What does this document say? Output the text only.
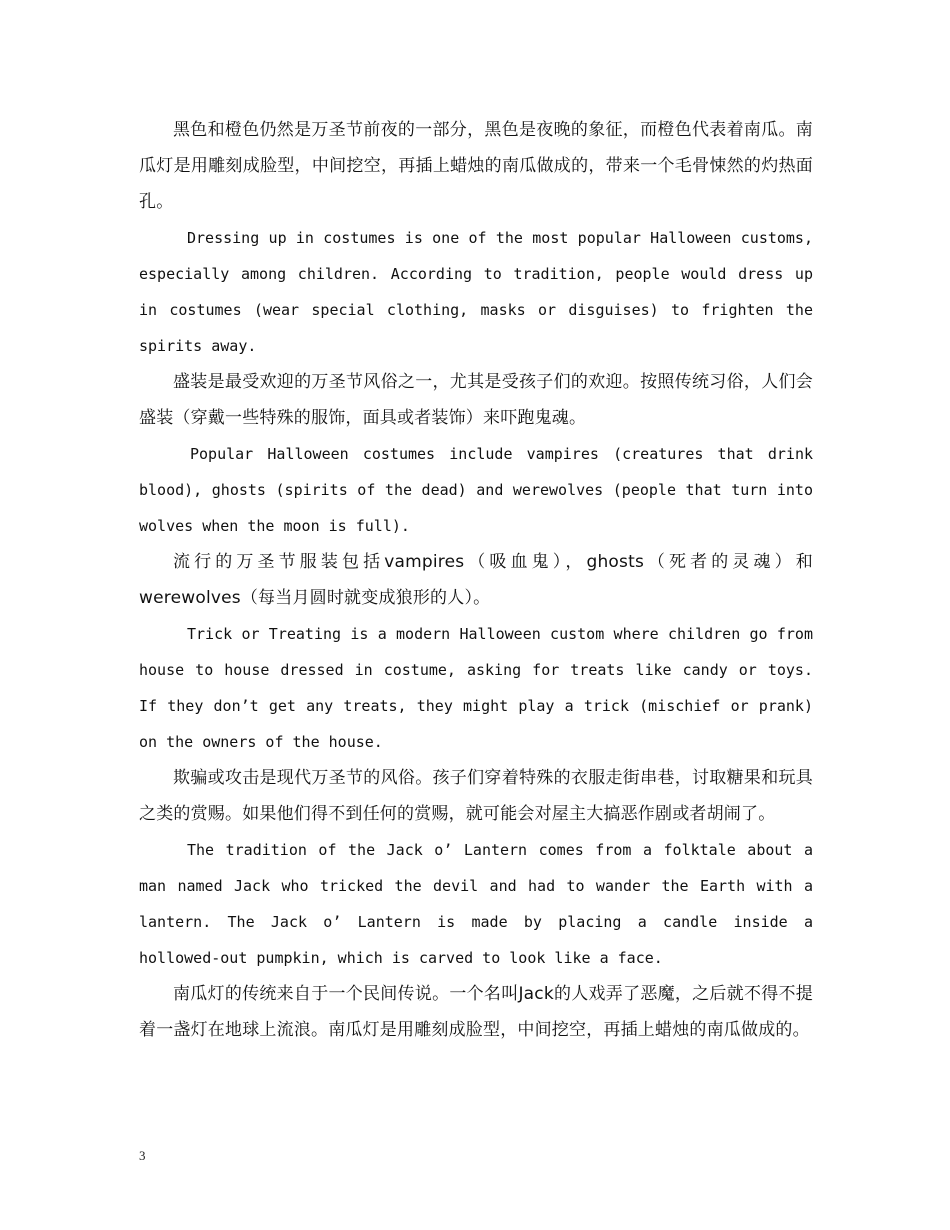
黑色和橙色仍然是万圣节前夜的一部分，黑色是夜晚的象征，而橙色代表着南瓜。南瓜灯是用雕刻成脸型，中间挖空，再插上蜡烛的南瓜做成的，带来一个毛骨悚然的灼热面孔。

Dressing up in costumes is one of the most popular Halloween customs, especially among children. According to tradition, people would dress up in costumes (wear special clothing, masks or disguises) to frighten the spirits away.

盛装是最受欢迎的万圣节风俗之一，尤其是受孩子们的欢迎。按照传统习俗，人们会盛装（穿戴一些特殊的服饰，面具或者装饰）来吓跑鬼魂。

Popular Halloween costumes include vampires (creatures that drink blood), ghosts (spirits of the dead) and werewolves (people that turn into wolves when the moon is full).

流行的万圣节服装包括vampires（吸血鬼），ghosts（死者的灵魂）和werewolves（每当月圆时就变成狼形的人）。

Trick or Treating is a modern Halloween custom where children go from house to house dressed in costume, asking for treats like candy or toys. If they don’t get any treats, they might play a trick (mischief or prank) on the owners of the house.

欺骗或攻击是现代万圣节的风俗。孩子们穿着特殊的衣服走街串巷，讨取糖果和玩具之类的赏赐。如果他们得不到任何的赏赐，就可能会对屋主大搞恶作剧或者胡闹了。

The tradition of the Jack o’ Lantern comes from a folktale about a man named Jack who tricked the devil and had to wander the Earth with a lantern. The Jack o’ Lantern is made by placing a candle inside a hollowed-out pumpkin, which is carved to look like a face.

南瓜灯的传统来自于一个民间传说。一个名叫Jack的人戏弄了恶魔，之后就不得不提着一盏灯在地球上流浪。南瓜灯是用雕刻成脸型，中间挖空，再插上蜡烛的南瓜做成的。

3
